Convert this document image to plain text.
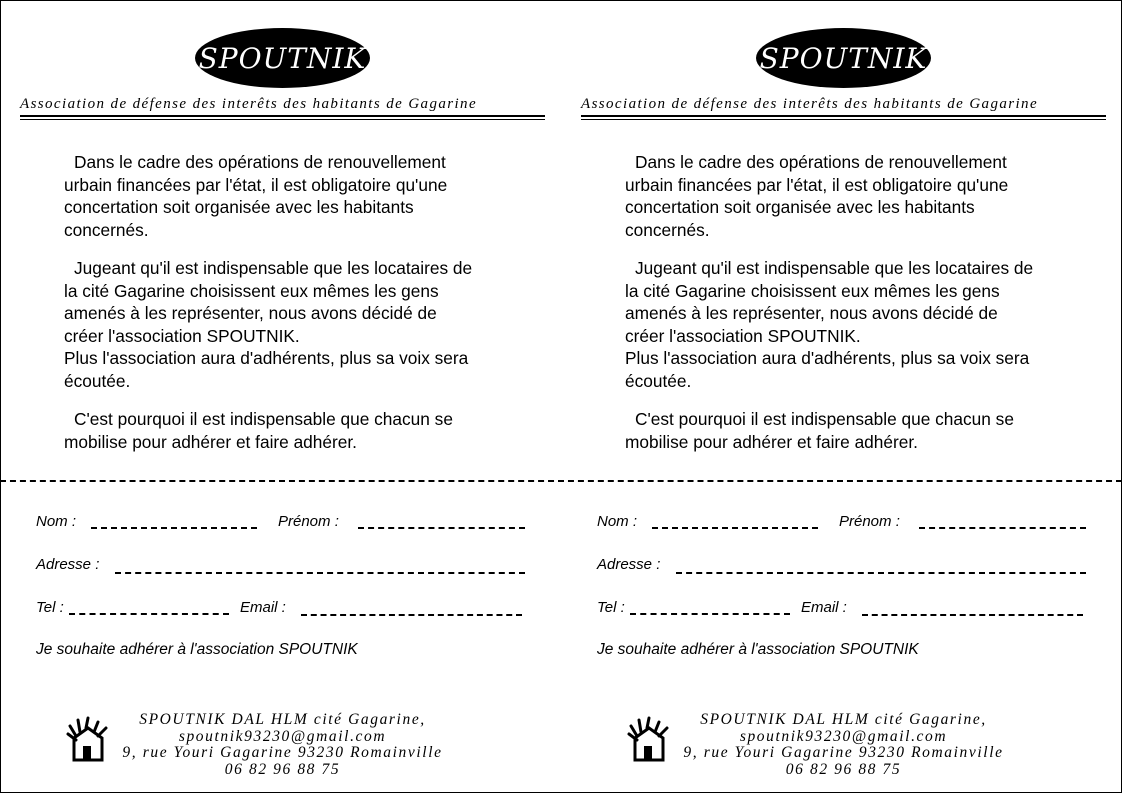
SPOUTNIK
Association de défense des interêts des habitants de Gagarine

Dans le cadre des opérations de renouvellement
urbain financées par l'état, il est obligatoire qu'une
concertation soit organisée avec les habitants
concernés.

Jugeant qu'il est indispensable que les locataires de
la cité Gagarine choisissent eux mêmes les gens
amenés à les représenter, nous avons décidé de
créer l'association SPOUTNIK.
Plus l'association aura d'adhérents, plus sa voix sera
écoutée.

C'est pourquoi il est indispensable que chacun se
mobilise pour adhérer et faire adhérer.

Nom :	Prénom :
Adresse :
Tel :	Email :
Je souhaite adhérer à l'association SPOUTNIK
SPOUTNIK DAL HLM cité Gagarine,
spoutnik93230@gmail.com
9, rue Youri Gagarine 93230 Romainville
06 82 96 88 75
SPOUTNIK
Association de défense des interêts des habitants de Gagarine

Dans le cadre des opérations de renouvellement
urbain financées par l'état, il est obligatoire qu'une
concertation soit organisée avec les habitants
concernés.

Jugeant qu'il est indispensable que les locataires de
la cité Gagarine choisissent eux mêmes les gens
amenés à les représenter, nous avons décidé de
créer l'association SPOUTNIK.
Plus l'association aura d'adhérents, plus sa voix sera
écoutée.

C'est pourquoi il est indispensable que chacun se
mobilise pour adhérer et faire adhérer.

Nom :	Prénom :
Adresse :
Tel :	Email :
Je souhaite adhérer à l'association SPOUTNIK
SPOUTNIK DAL HLM cité Gagarine,
spoutnik93230@gmail.com
9, rue Youri Gagarine 93230 Romainville
06 82 96 88 75
